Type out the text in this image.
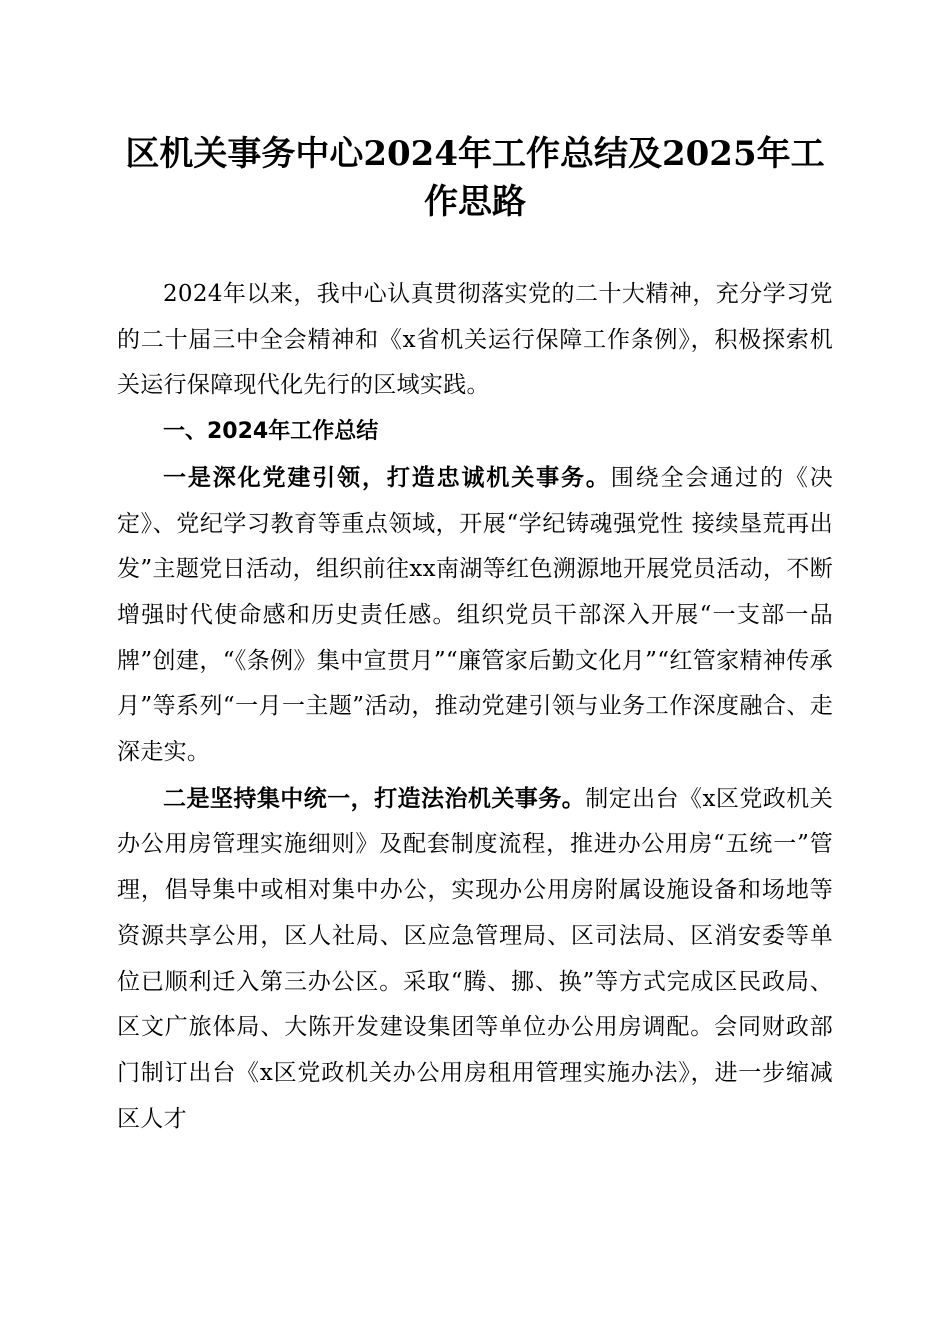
区机关事务中心2024年工作总结及2025年工
作思路

2024年以来，我中心认真贯彻落实党的二十大精神，充分学习党的二十届三中全会精神和《x省机关运行保障工作条例》，积极探索机关运行保障现代化先行的区域实践。

一、2024年工作总结

一是深化党建引领，打造忠诚机关事务。围绕全会通过的《决定》、党纪学习教育等重点领域，开展“学纪铸魂强党性 接续垦荒再出发”主题党日活动，组织前往xx南湖等红色溯源地开展党员活动，不断增强时代使命感和历史责任感。组织党员干部深入开展“一支部一品牌”创建，“《条例》集中宣贯月”“廉管家后勤文化月”“红管家精神传承月”等系列“一月一主题”活动，推动党建引领与业务工作深度融合、走深走实。

二是坚持集中统一，打造法治机关事务。制定出台《x区党政机关办公用房管理实施细则》及配套制度流程，推进办公用房“五统一”管理，倡导集中或相对集中办公，实现办公用房附属设施设备和场地等资源共享公用，区人社局、区应急管理局、区司法局、区消安委等单位已顺利迁入第三办公区。采取“腾、挪、换”等方式完成区民政局、区文广旅体局、大陈开发建设集团等单位办公用房调配。会同财政部门制订出台《x区党政机关办公用房租用管理实施办法》，进一步缩减区人才
